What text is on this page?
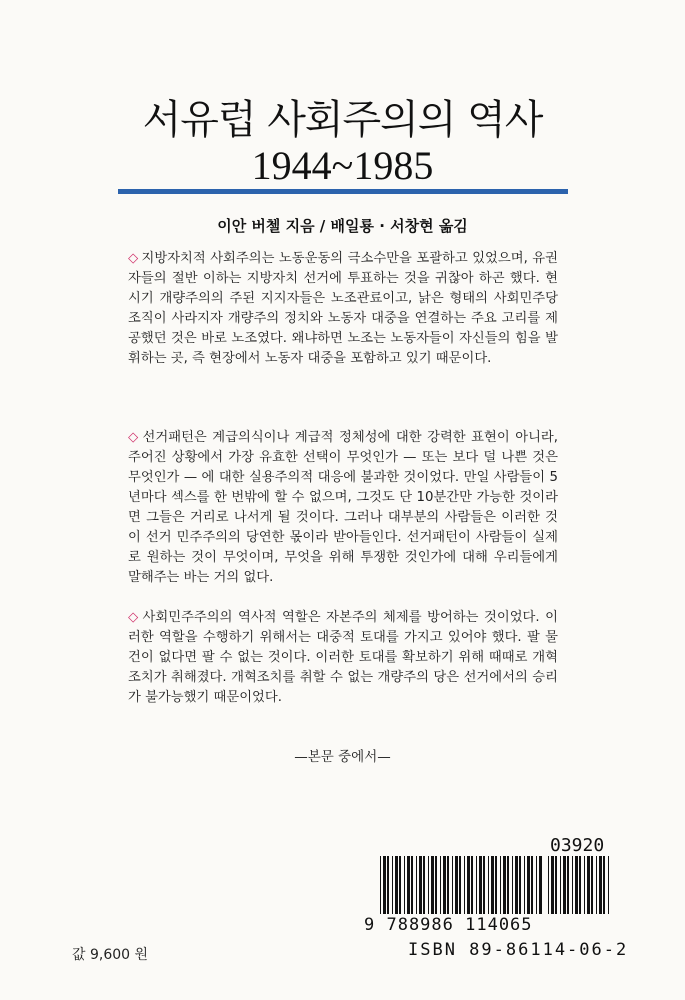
서유럽 사회주의의 역사
1944~1985
이안 버첼 지음 / 배일룡 · 서창현 옮김
◇ 지방자치적 사회주의는 노동운동의 극소수만을 포괄하고 있었으며, 유권자들의 절반 이하는 지방자치 선거에 투표하는 것을 귀찮아 하곤 했다. 현시기 개량주의의 주된 지지자들은 노조관료이고, 낡은 형태의 사회민주당 조직이 사라지자 개량주의 정치와 노동자 대중을 연결하는 주요 고리를 제공했던 것은 바로 노조였다. 왜냐하면 노조는 노동자들이 자신들의 힘을 발휘하는 곳, 즉 현장에서 노동자 대중을 포함하고 있기 때문이다.
◇ 선거패턴은 계급의식이나 계급적 정체성에 대한 강력한 표현이 아니라, 주어진 상황에서 가장 유효한 선택이 무엇인가 — 또는 보다 덜 나쁜 것은 무엇인가 — 에 대한 실용주의적 대응에 불과한 것이었다. 만일 사람들이 5년마다 섹스를 한 번밖에 할 수 없으며, 그것도 단 10분간만 가능한 것이라면 그들은 거리로 나서게 될 것이다. 그러나 대부분의 사람들은 이러한 것이 선거 민주주의의 당연한 몫이라 받아들인다. 선거패턴이 사람들이 실제로 원하는 것이 무엇이며, 무엇을 위해 투쟁한 것인가에 대해 우리들에게 말해주는 바는 거의 없다.
◇ 사회민주주의의 역사적 역할은 자본주의 체제를 방어하는 것이었다. 이러한 역할을 수행하기 위해서는 대중적 토대를 가지고 있어야 했다. 팔 물건이 없다면 팔 수 없는 것이다. 이러한 토대를 확보하기 위해 때때로 개혁조치가 취해졌다. 개혁조치를 취할 수 없는 개량주의 당은 선거에서의 승리가 불가능했기 때문이었다.
—본문 중에서—
03920
9 788986 114065
ISBN 89-86114-06-2
값 9,600 원
